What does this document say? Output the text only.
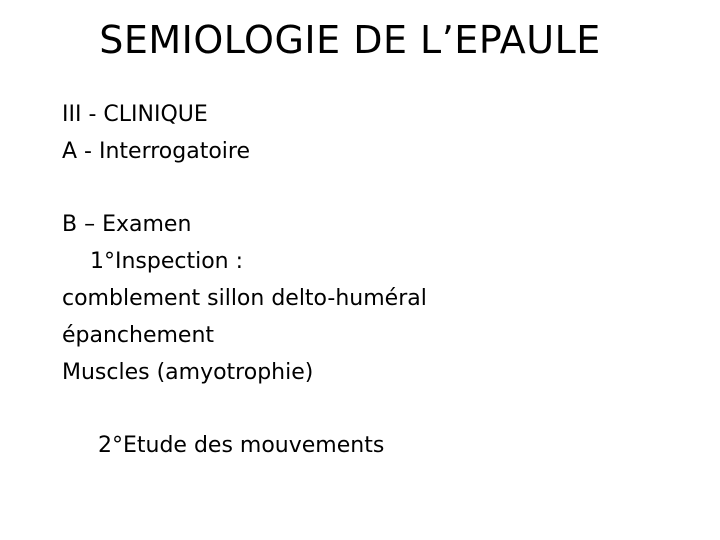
SEMIOLOGIE DE L’EPAULE
III - CLINIQUE
A - Interrogatoire
B – Examen
1°Inspection :
comblement sillon delto-huméral
épanchement
Muscles (amyotrophie)
2°Etude des mouvements
